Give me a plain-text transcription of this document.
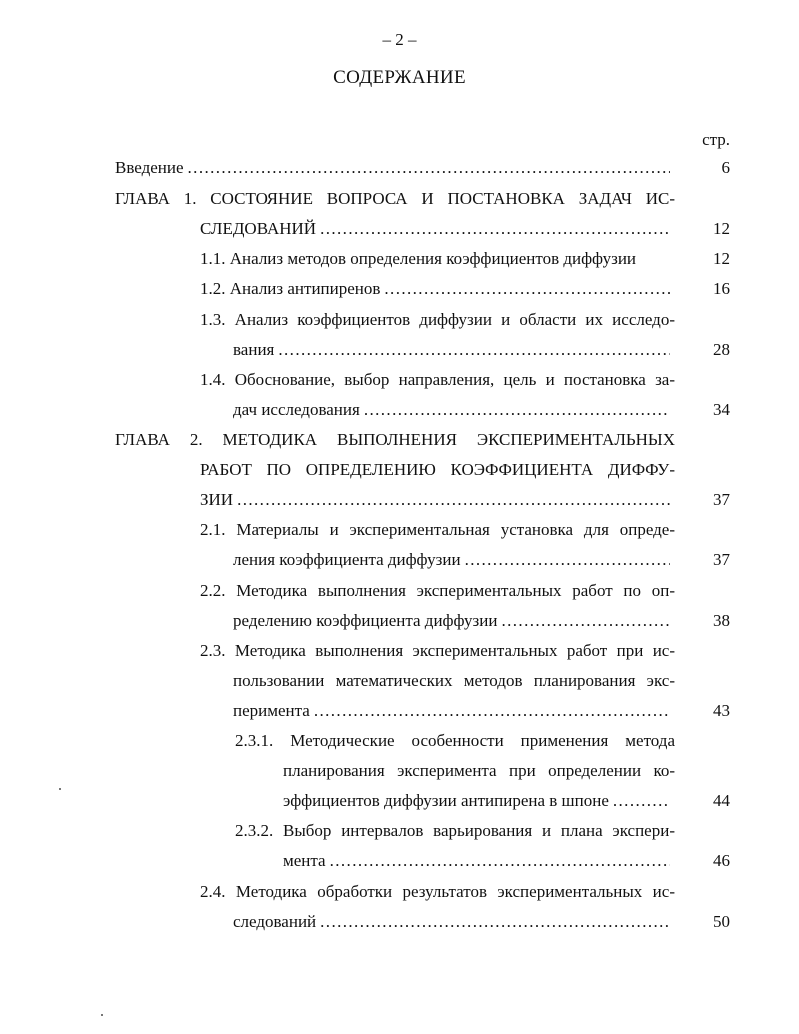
– 2 –
СОДЕРЖАНИЕ
стр.
Введение .....	6
ГЛАВА 1. СОСТОЯНИЕ ВОПРОСА И ПОСТАНОВКА ЗАДАЧ ИС-
СЛЕДОВАНИЙ .....	12
1.1. Анализ методов определения коэффициентов диффузии	12
1.2. Анализ антипиренов .....	16
1.3. Анализ коэффициентов диффузии и области их исследо-
вания .....	28
1.4. Обоснование, выбор направления, цель и постановка за-
дач исследования .....	34
ГЛАВА 2. МЕТОДИКА ВЫПОЛНЕНИЯ ЭКСПЕРИМЕНТАЛЬНЫХ
РАБОТ ПО ОПРЕДЕЛЕНИЮ КОЭФФИЦИЕНТА ДИФФУ-
ЗИИ .....	37
2.1. Материалы и экспериментальная установка для опреде-
ления коэффициента диффузии .....	37
2.2. Методика выполнения экспериментальных работ по оп-
ределению коэффициента диффузии .....	38
2.3. Методика выполнения экспериментальных работ при ис-
пользовании математических методов планирования экс-
перимента .....	43
2.3.1. Методические особенности применения метода
планирования эксперимента при определении ко-
эффициентов диффузии антипирена в шпоне .....	44
2.3.2. Выбор интервалов варьирования и плана экспери-
мента .....	46
2.4. Методика обработки результатов экспериментальных ис-
следований .....	50
